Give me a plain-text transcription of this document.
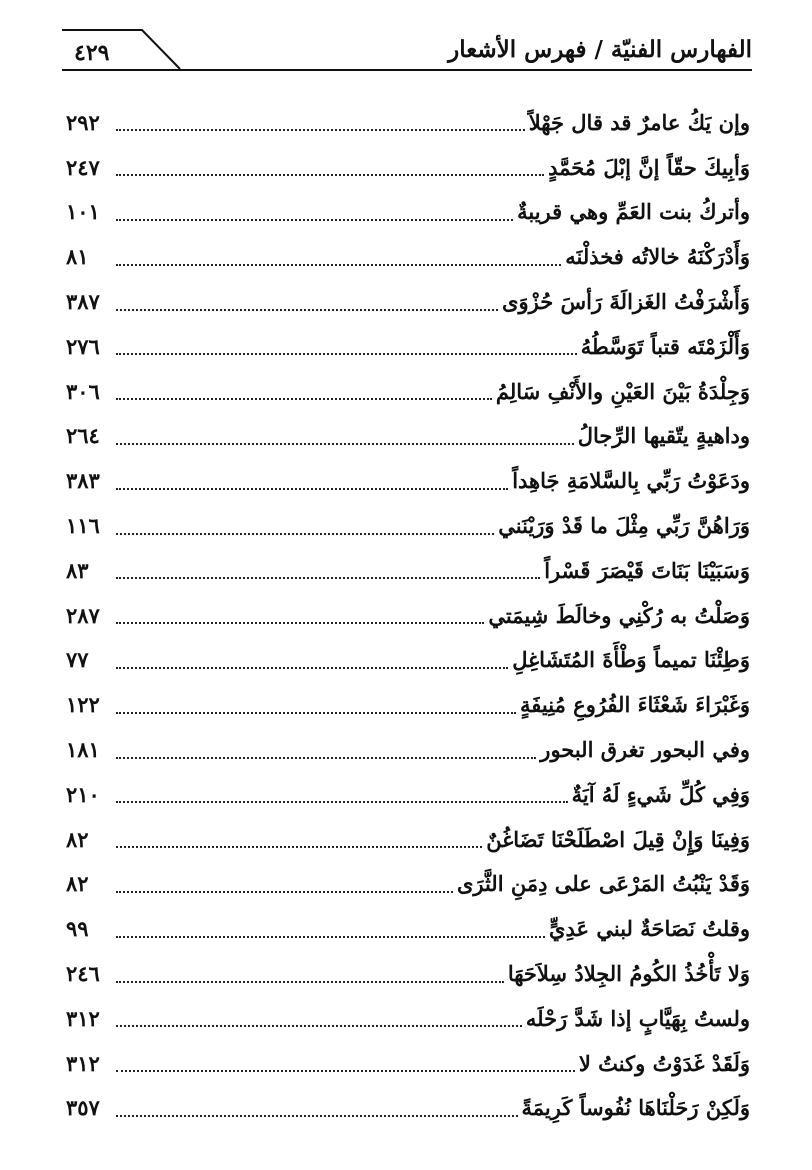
٤٢٩	الفهارس الفنيّة / فهرس الأشعار
وإن يَكُ عامرٌ قد قال جَهْلاً
٢٩٢
وَأبِيكَ حقّاً إنَّ إبْلَ مُحَمَّدٍ
٢٤٧
وأتركُ بنت العَمِّ وهي قريبةٌ
١٠١
وَأَدْرَكْنَهُ خالاتُه فخذلْنَه
٨١
وَأَشْرَفْتُ الغَزالَةَ رَأسَ حُزْوَى
٣٨٧
وَأَلْزَمْتَه قتباً تَوَسَّطُهُ
٢٧٦
وَجِلْدَةُ بَيْنَ العَيْنِ والأَنْفِ سَالِمُ
٣٠٦
وداهيةٍ يتّقيها الرِّجالُ
٢٦٤
ودَعَوْتُ رَبِّي بِالسَّلامَةِ جَاهِداً
٣٨٣
وَرَاهُنَّ رَبِّي مِثْلَ ما قَدْ وَرَيْنَني
١١٦
وَسَبَيْنَا بَنَاتَ قَيْصَرَ قَسْراً
٨٣
وَصَلْتُ به رُكْنِي وخالَطَ شِيمَتي
٢٨٧
وَطِئْنَا تميماً وَطْأَةَ المُتَشَاغِلِ
٧٧
وَغَبْرَاءَ شَعْثَاءَ الفُرُوعِ مُنِيفَةٍ
١٢٢
وفي البحور تغرق البحور
١٨١
وَفِي كُلِّ شَيءٍ لَهُ آيَةٌ
٢١٠
وَفِينَا وَإِنْ قِيلَ اصْطَلَحْنَا تَضَاغُنٌ
٨٢
وَقَدْ يَنْبُتُ المَرْعَى على دِمَنِ الثَّرَى
٨٢
وقلتُ نَصَاحَةٌ لبني عَدِيٍّ
٩٩
وَلا تَأْخُذُ الكُومُ الجِلادُ سِلاَحَهَا
٢٤٦
ولستُ بِهَيَّابٍ إذا شَدَّ رَحْلَه
٣١٢
وَلَقَدْ غَدَوْتُ وكنتُ لا
٣١٢
وَلَكِنْ رَحَلْنَاهَا نُفُوساً كَرِيمَةً
٣٥٧
